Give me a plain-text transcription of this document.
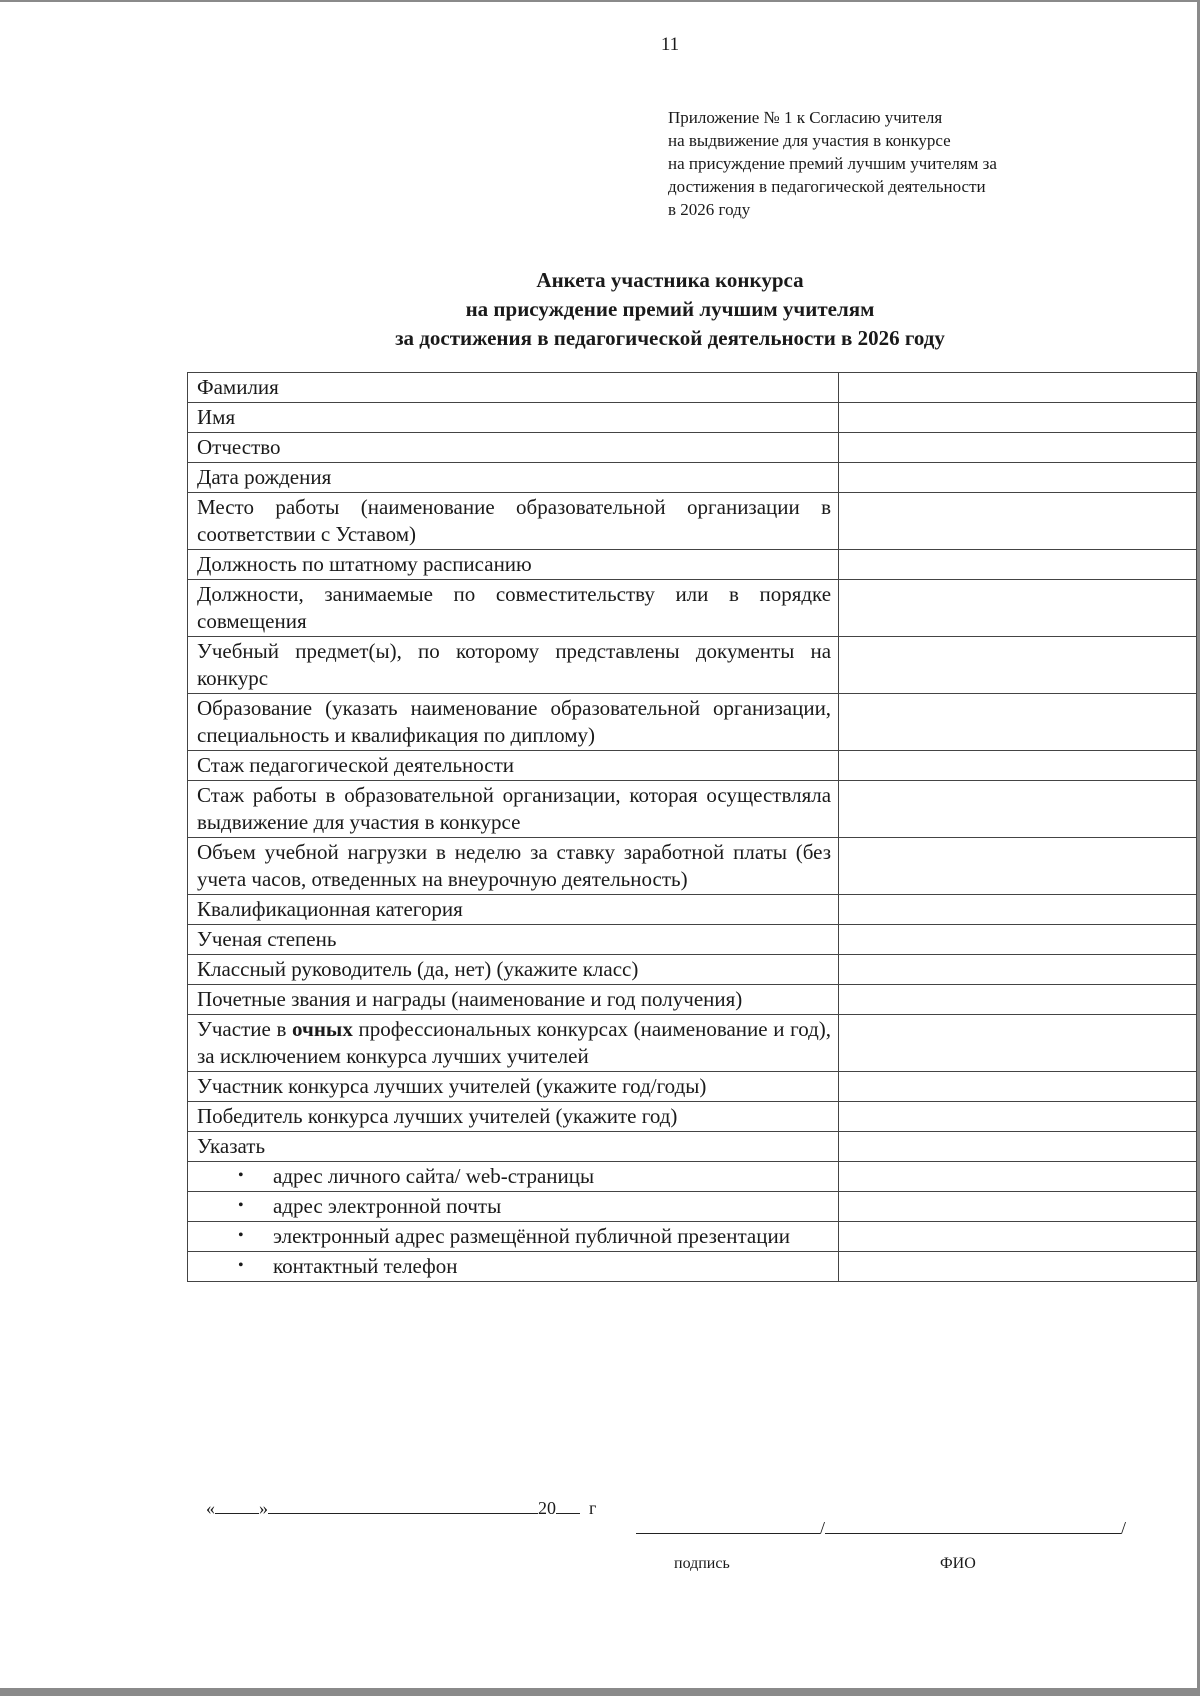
11
Приложение № 1 к Согласию учителя
на выдвижение для участия в конкурсе
на присуждение премий лучшим учителям за
достижения в педагогической деятельности
в 2026 году
Анкета участника конкурса
на присуждение премий лучшим учителям
за достижения в педагогической деятельности в 2026 году
Фамилия	
Имя	
Отчество	
Дата рождения	
Место работы (наименование образовательной организации в соответствии с Уставом)	
Должность по штатному расписанию	
Должности, занимаемые по совместительству или в порядке совмещения	
Учебный предмет(ы), по которому представлены документы на конкурс	
Образование (указать наименование образовательной организации, специальность и квалификация по диплому)	
Стаж педагогической деятельности	
Стаж работы в образовательной организации, которая осуществляла выдвижение для участия в конкурсе	
Объем учебной нагрузки в неделю за ставку заработной платы (без учета часов, отведенных на внеурочную деятельность)	
Квалификационная категория	
Ученая степень	
Классный руководитель (да, нет) (укажите класс)	
Почетные звания и награды (наименование и год получения)	
Участие в очных профессиональных конкурсах (наименование и год), за исключением конкурса лучших учителей	
Участник конкурса лучших учителей (укажите год/годы)	
Победитель конкурса лучших учителей (укажите год)	
Указать	

• адрес личного сайта/ web-страницы	

• адрес электронной почты	

• электронный адрес размещённой публичной презентации	

• контактный телефон	
« »	20 г
/	/
подпись	ФИО
